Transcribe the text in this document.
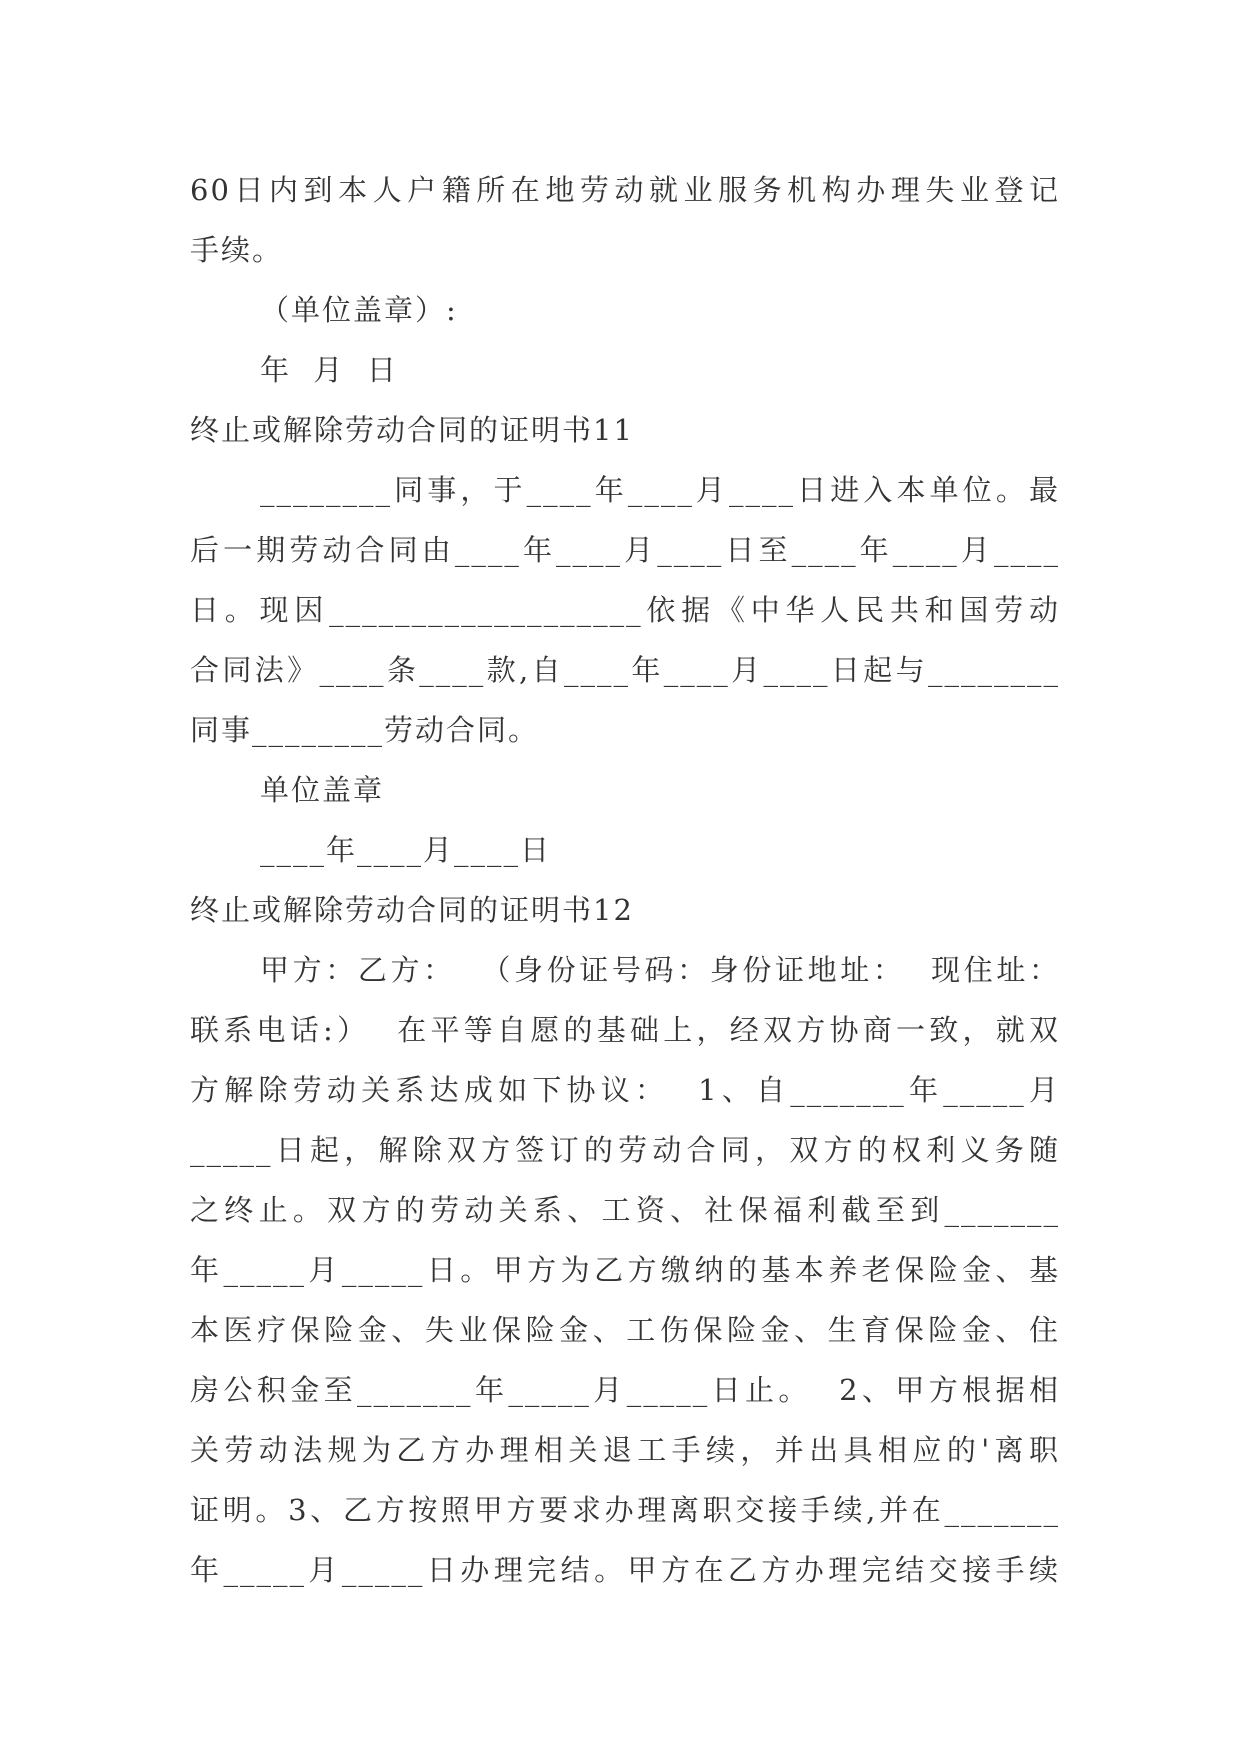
60日内到本人户籍所在地劳动就业服务机构办理失业登记
手续。
（单位盖章）:
年  月  日
终止或解除劳动合同的证明书11
________同事，于____年____月____日进入本单位。最
后一期劳动合同由____年____月____日至____年____月____
日。现因___________________依据《中华人民共和国劳动
合同法》____条____款,自____年____月____日起与________
同事________劳动合同。
单位盖章
____年____月____日
终止或解除劳动合同的证明书12
甲方：乙方：  （身份证号码：身份证地址：  现住址：
联系电话:）  在平等自愿的基础上，经双方协商一致，就双
方解除劳动关系达成如下协议：  1、自_______年_____月
_____日起，解除双方签订的劳动合同，双方的权利义务随
之终止。双方的劳动关系、工资、社保福利截至到_______
年_____月_____日。甲方为乙方缴纳的基本养老保险金、基
本医疗保险金、失业保险金、工伤保险金、生育保险金、住
房公积金至_______年_____月_____日止。  2、甲方根据相
关劳动法规为乙方办理相关退工手续，并出具相应的'离职
证明。3、乙方按照甲方要求办理离职交接手续,并在_______
年_____月_____日办理完结。甲方在乙方办理完结交接手续
